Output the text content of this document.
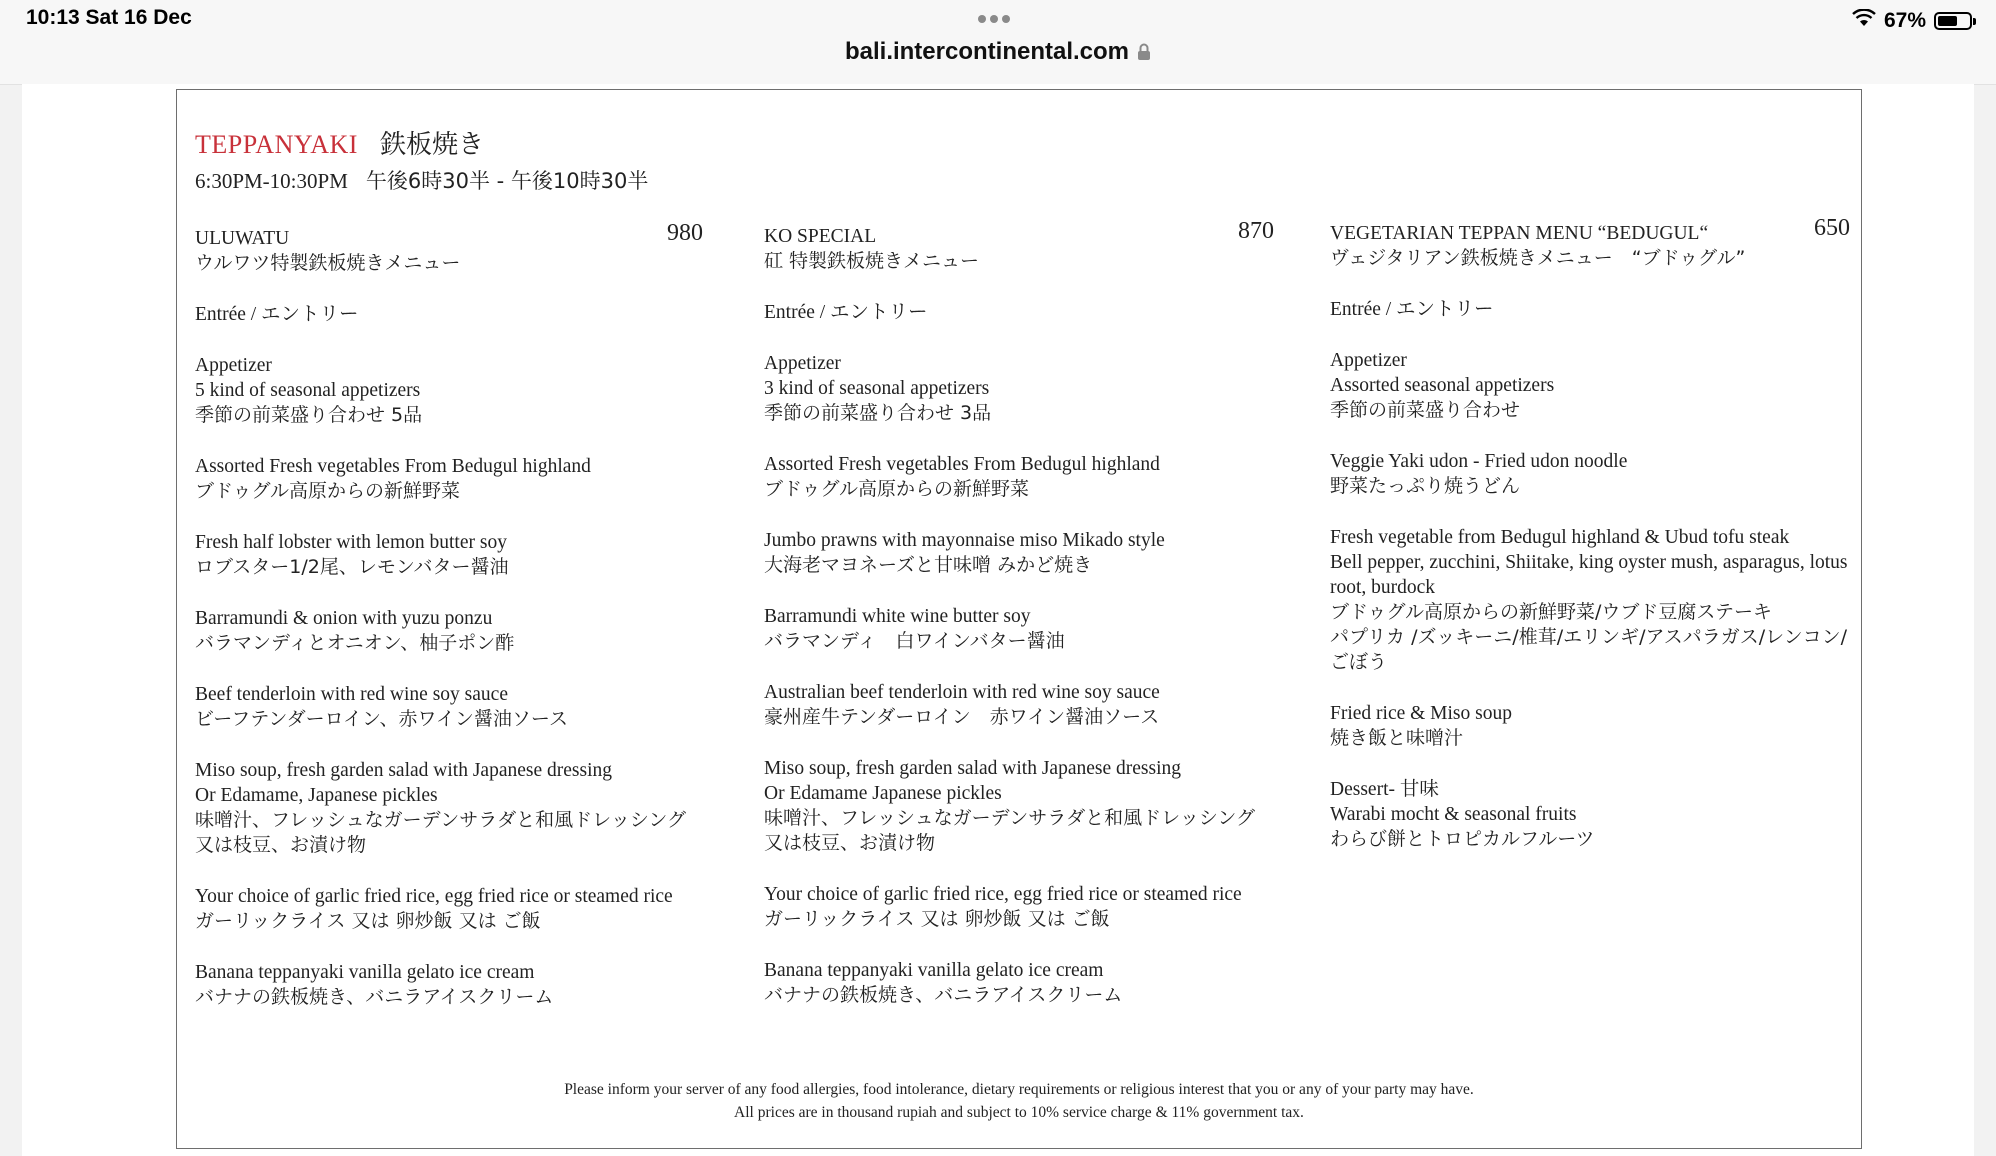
10:13 Sat 16 Dec
bali.intercontinental.com
67%
TEPPANYAKI 鉄板焼き
6:30PM-10:30PM 午後6時30半 - 午後10時30半
ULUWATU	980
ウルワツ特製鉄板焼きメニュー
Entrée / エントリー
Appetizer
5 kind of seasonal appetizers
季節の前菜盛り合わせ 5品
Assorted Fresh vegetables From Bedugul highland
ブドゥグル高原からの新鮮野菜
Fresh half lobster with lemon butter soy
ロブスター1/2尾、レモンバター醤油
Barramundi & onion with yuzu ponzu
バラマンディとオニオン、柚子ポン酢
Beef tenderloin with red wine soy sauce
ビーフテンダーロイン、赤ワイン醤油ソース
Miso soup, fresh garden salad with Japanese dressing
Or Edamame, Japanese pickles
味噌汁、フレッシュなガーデンサラダと和風ドレッシング
又は枝豆、お漬け物
Your choice of garlic fried rice, egg fried rice or steamed rice
ガーリックライス 又は 卵炒飯 又は ご飯
Banana teppanyaki vanilla gelato ice cream
バナナの鉄板焼き、バニラアイスクリーム
KO SPECIAL	870
矼 特製鉄板焼きメニュー
Entrée / エントリー
Appetizer
3 kind of seasonal appetizers
季節の前菜盛り合わせ 3品
Assorted Fresh vegetables From Bedugul highland
ブドゥグル高原からの新鮮野菜
Jumbo prawns with mayonnaise miso Mikado style
大海老マヨネーズと甘味噌 みかど焼き
Barramundi white wine butter soy
バラマンディ　白ワインバター醤油
Australian beef tenderloin with red wine soy sauce
豪州産牛テンダーロイン　赤ワイン醤油ソース
Miso soup, fresh garden salad with Japanese dressing
Or Edamame Japanese pickles
味噌汁、フレッシュなガーデンサラダと和風ドレッシング
又は枝豆、お漬け物
Your choice of garlic fried rice, egg fried rice or steamed rice
ガーリックライス 又は 卵炒飯 又は ご飯
Banana teppanyaki vanilla gelato ice cream
バナナの鉄板焼き、バニラアイスクリーム
VEGETARIAN TEPPAN MENU “BEDUGUL“	650
ヴェジタリアン鉄板焼きメニュー　“ブドゥグル”
Entrée / エントリー
Appetizer
Assorted seasonal appetizers
季節の前菜盛り合わせ
Veggie Yaki udon - Fried udon noodle
野菜たっぷり焼うどん
Fresh vegetable from Bedugul highland & Ubud tofu steak
Bell pepper, zucchini, Shiitake, king oyster mush, asparagus, lotus root, burdock
ブドゥグル高原からの新鮮野菜/ウブド豆腐ステーキ
パプリカ /ズッキーニ/椎茸/エリンギ/アスパラガス/レンコン/ごぼう
Fried rice & Miso soup
焼き飯と味噌汁
Dessert- 甘味
Warabi mocht & seasonal fruits
わらび餅とトロピカルフルーツ
Please inform your server of any food allergies, food intolerance, dietary requirements or religious interest that you or any of your party may have.
All prices are in thousand rupiah and subject to 10% service charge & 11% government tax.
